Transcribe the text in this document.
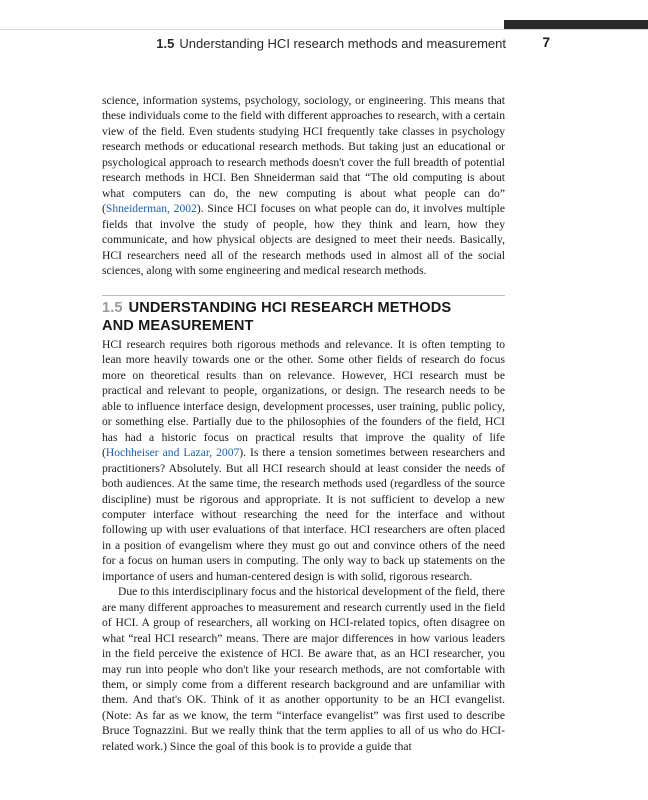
1.5 Understanding HCI research methods and measurement	7

science, information systems, psychology, sociology, or engineering. This means that these individuals come to the field with different approaches to research, with a certain view of the field. Even students studying HCI frequently take classes in psychology research methods or educational research methods. But taking just an educational or psychological approach to research methods doesn't cover the full breadth of potential research methods in HCI. Ben Shneiderman said that “The old computing is about what computers can do, the new computing is about what people can do” (Shneiderman, 2002). Since HCI focuses on what people can do, it involves multiple fields that involve the study of people, how they think and learn, how they communicate, and how physical objects are designed to meet their needs. Basically, HCI researchers need all of the research methods used in almost all of the social sciences, along with some engineering and medical research methods.

1.5 UNDERSTANDING HCI RESEARCH METHODS
AND MEASUREMENT

HCI research requires both rigorous methods and relevance. It is often tempting to lean more heavily towards one or the other. Some other fields of research do focus more on theoretical results than on relevance. However, HCI research must be practical and relevant to people, organizations, or design. The research needs to be able to influence interface design, development processes, user training, public policy, or something else. Partially due to the philosophies of the founders of the field, HCI has had a historic focus on practical results that improve the quality of life (Hochheiser and Lazar, 2007). Is there a tension sometimes between researchers and practitioners? Absolutely. But all HCI research should at least consider the needs of both audiences. At the same time, the research methods used (regardless of the source discipline) must be rigorous and appropriate. It is not sufficient to develop a new computer interface without researching the need for the interface and without following up with user evaluations of that interface. HCI researchers are often placed in a position of evangelism where they must go out and convince others of the need for a focus on human users in computing. The only way to back up statements on the importance of users and human-centered design is with solid, rigorous research.

Due to this interdisciplinary focus and the historical development of the field, there are many different approaches to measurement and research currently used in the field of HCI. A group of researchers, all working on HCI-related topics, often disagree on what “real HCI research” means. There are major differences in how various leaders in the field perceive the existence of HCI. Be aware that, as an HCI researcher, you may run into people who don't like your research methods, are not comfortable with them, or simply come from a different research background and are unfamiliar with them. And that's OK. Think of it as another opportunity to be an HCI evangelist. (Note: As far as we know, the term “interface evangelist” was first used to describe Bruce Tognazzini. But we really think that the term applies to all of us who do HCI-related work.) Since the goal of this book is to provide a guide that
